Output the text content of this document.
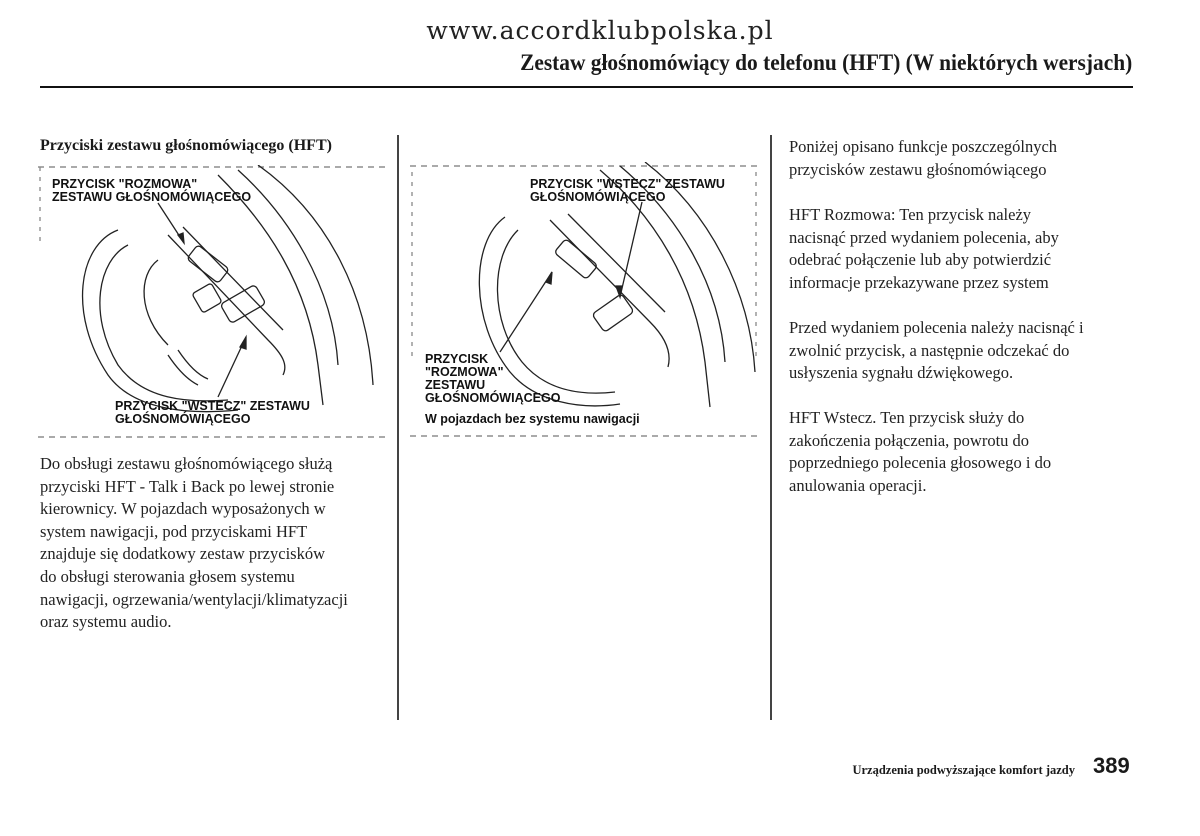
www.accordklubpolska.pl
Zestaw głośnomówiący do telefonu (HFT) (W niektórych wersjach)
Przyciski zestawu głośnomówiącego (HFT)
PRZYCISK "ROZMOWA"
ZESTAWU GŁOŚNOMÓWIĄCEGO
PRZYCISK "WSTECZ" ZESTAWU
GŁOŚNOMÓWIĄCEGO
Do obsługi zestawu głośnomówiącego służą
przyciski HFT - Talk i Back po lewej stronie
kierownicy. W pojazdach wyposażonych w
system nawigacji, pod przyciskami HFT
znajduje się dodatkowy zestaw przycisków
do obsługi sterowania głosem systemu
nawigacji, ogrzewania/wentylacji/klimatyzacji
oraz systemu audio.
PRZYCISK "WSTECZ" ZESTAWU
GŁOŚNOMÓWIĄCEGO
PRZYCISK
"ROZMOWA"
ZESTAWU
GŁOŚNOMÓWIĄCEGO
W pojazdach bez systemu nawigacji
Poniżej opisano funkcje poszczególnych
przycisków zestawu głośnomówiącego
HFT Rozmowa: Ten przycisk należy
nacisnąć przed wydaniem polecenia, aby
odebrać połączenie lub aby potwierdzić
informacje przekazywane przez system
Przed wydaniem polecenia należy nacisnąć i
zwolnić przycisk, a następnie odczekać do
usłyszenia sygnału dźwiękowego.
HFT Wstecz. Ten przycisk służy do
zakończenia połączenia, powrotu do
poprzedniego polecenia głosowego i do
anulowania operacji.
Urządzenia podwyższające komfort jazdy 389
